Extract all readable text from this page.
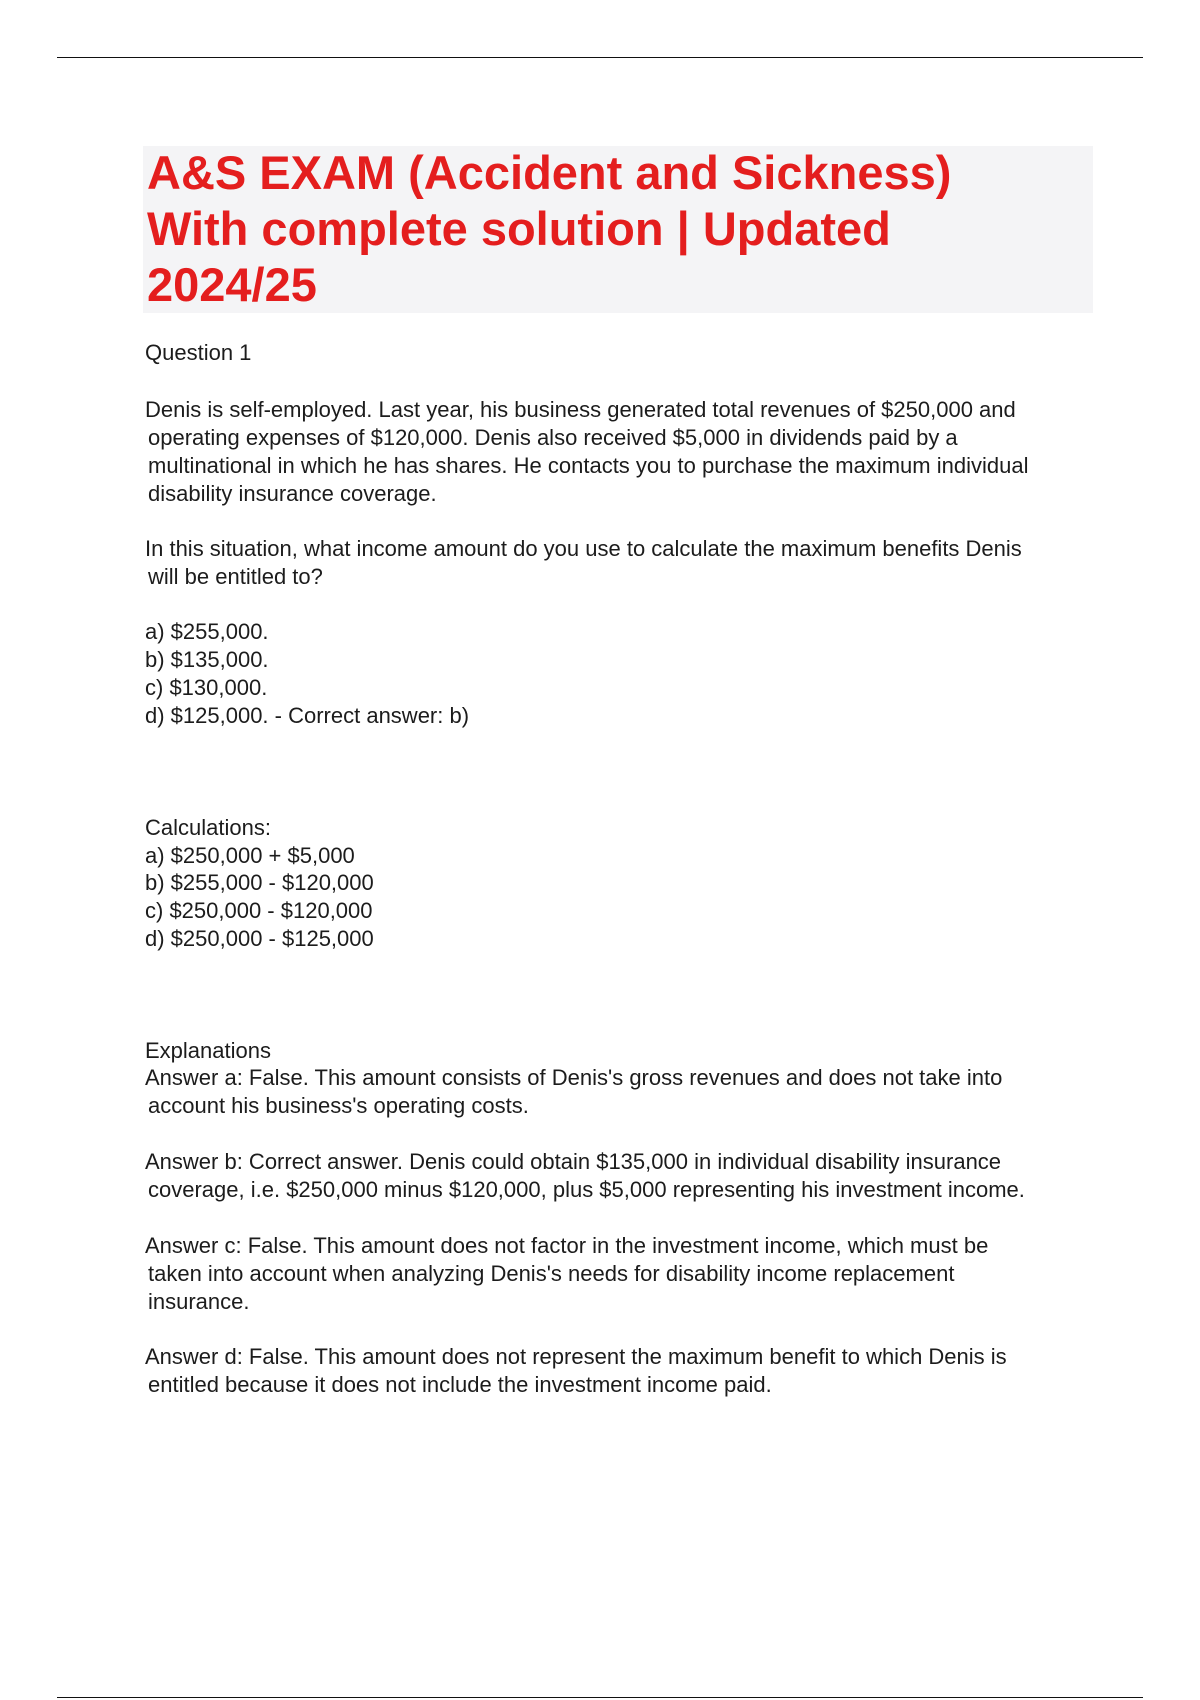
A&S EXAM (Accident and Sickness)
With complete solution | Updated
2024/25

Question 1

Denis is self-employed. Last year, his business generated total revenues of $250,000 and

operating expenses of $120,000. Denis also received $5,000 in dividends paid by a

multinational in which he has shares. He contacts you to purchase the maximum individual

disability insurance coverage.

In this situation, what income amount do you use to calculate the maximum benefits Denis

will be entitled to?

a) $255,000.

b) $135,000.

c) $130,000.

d) $125,000. - Correct answer: b)

Calculations:

a) $250,000 + $5,000

b) $255,000 - $120,000

c) $250,000 - $120,000

d) $250,000 - $125,000

Explanations

Answer a: False. This amount consists of Denis's gross revenues and does not take into

account his business's operating costs.

Answer b: Correct answer. Denis could obtain $135,000 in individual disability insurance

coverage, i.e. $250,000 minus $120,000, plus $5,000 representing his investment income.

Answer c: False. This amount does not factor in the investment income, which must be

taken into account when analyzing Denis's needs for disability income replacement

insurance.

Answer d: False. This amount does not represent the maximum benefit to which Denis is

entitled because it does not include the investment income paid.
